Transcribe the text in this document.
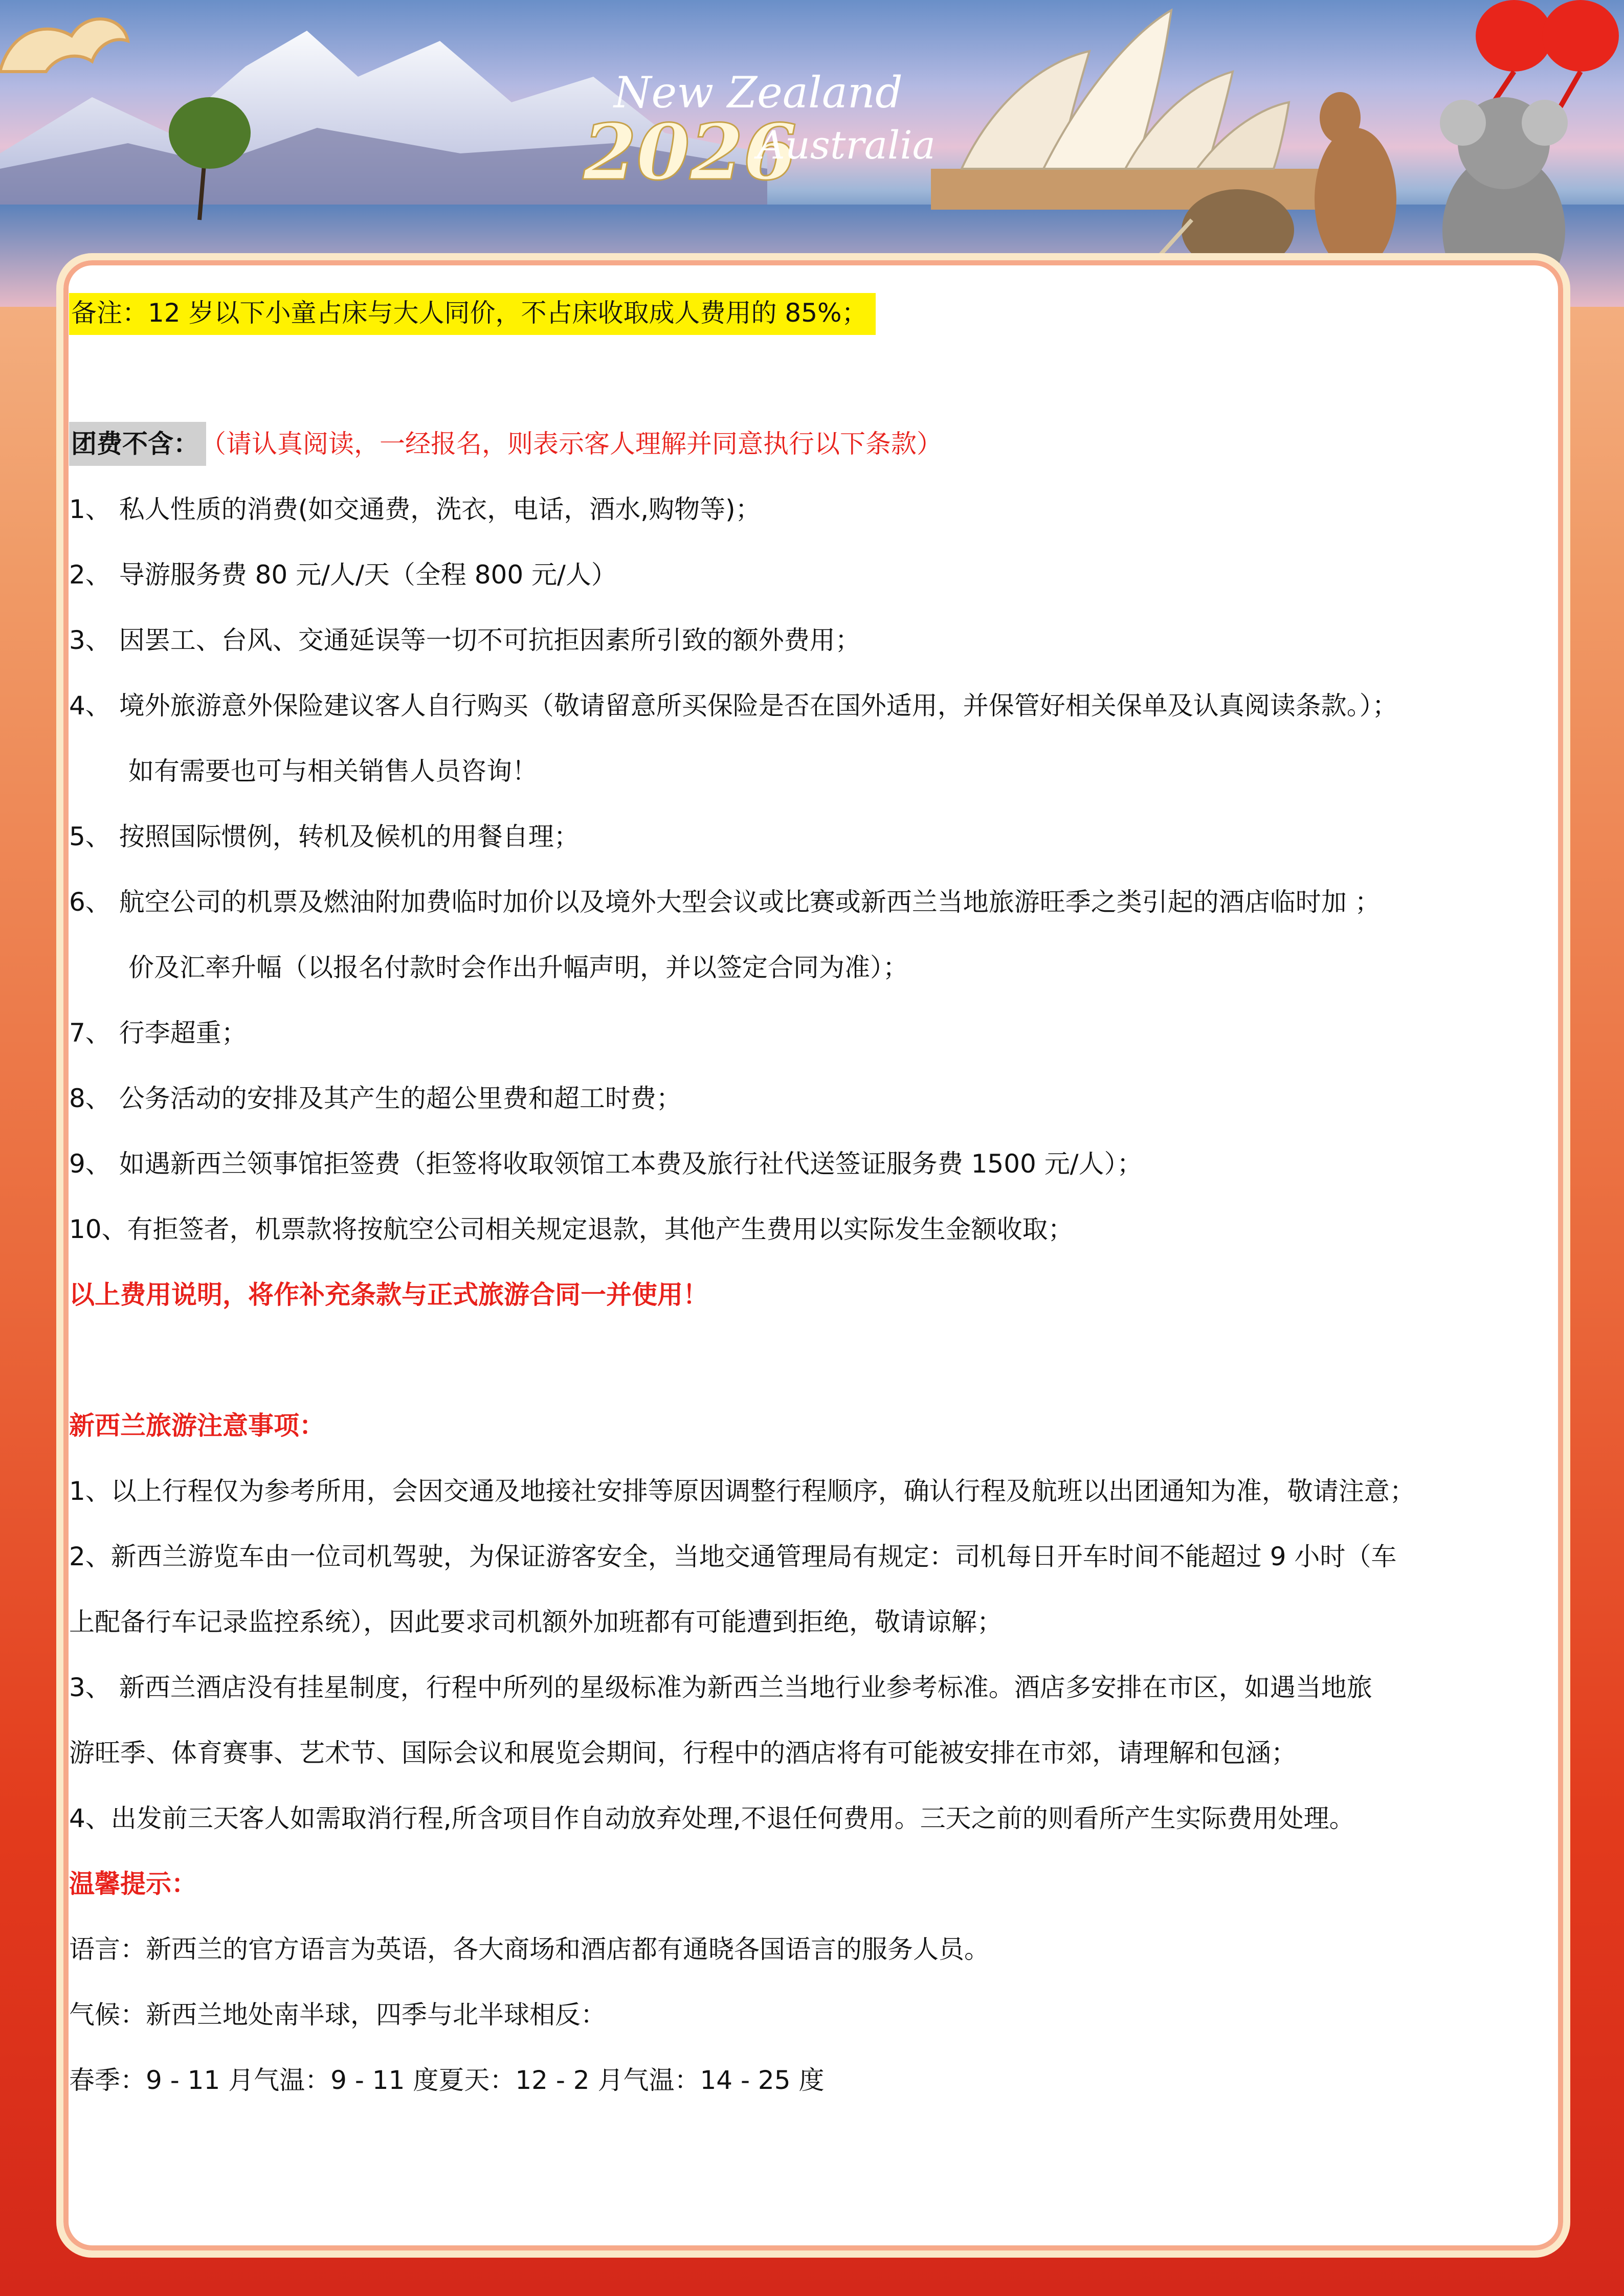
New Zealand
2026
Australia
备注：12 岁以下小童占床与大人同价，不占床收取成人费用的 85%；
团费不含： （请认真阅读，一经报名，则表示客人理解并同意执行以下条款）
1、 私人性质的消费(如交通费，洗衣，电话，酒水,购物等)；
2、 导游服务费 80 元/人/天（全程 800 元/人）
3、 因罢工、台风、交通延误等一切不可抗拒因素所引致的额外费用；
4、 境外旅游意外保险建议客人自行购买（敬请留意所买保险是否在国外适用，并保管好相关保单及认真阅读条款。）；
如有需要也可与相关销售人员咨询！
5、 按照国际惯例，转机及候机的用餐自理；
6、 航空公司的机票及燃油附加费临时加价以及境外大型会议或比赛或新西兰当地旅游旺季之类引起的酒店临时加 ；
价及汇率升幅（以报名付款时会作出升幅声明，并以签定合同为准）；
7、 行李超重；
8、 公务活动的安排及其产生的超公里费和超工时费；
9、 如遇新西兰领事馆拒签费（拒签将收取领馆工本费及旅行社代送签证服务费 1500 元/人）；
10、有拒签者，机票款将按航空公司相关规定退款，其他产生费用以实际发生金额收取；
以上费用说明，将作补充条款与正式旅游合同一并使用！
新西兰旅游注意事项：
1、以上行程仅为参考所用，会因交通及地接社安排等原因调整行程顺序，确认行程及航班以出团通知为准，敬请注意；
2、新西兰游览车由一位司机驾驶，为保证游客安全，当地交通管理局有规定：司机每日开车时间不能超过 9 小时（车
上配备行车记录监控系统），因此要求司机额外加班都有可能遭到拒绝，敬请谅解；
3、 新西兰酒店没有挂星制度，行程中所列的星级标准为新西兰当地行业参考标准。酒店多安排在市区，如遇当地旅
游旺季、体育赛事、艺术节、国际会议和展览会期间，行程中的酒店将有可能被安排在市郊，请理解和包涵；
4、出发前三天客人如需取消行程,所含项目作自动放弃处理,不退任何费用。三天之前的则看所产生实际费用处理。
温馨提示：
语言：新西兰的官方语言为英语，各大商场和酒店都有通晓各国语言的服务人员。
气候：新西兰地处南半球，四季与北半球相反：
春季：9 - 11 月气温：9 - 11 度夏天：12 - 2 月气温：14 - 25 度
